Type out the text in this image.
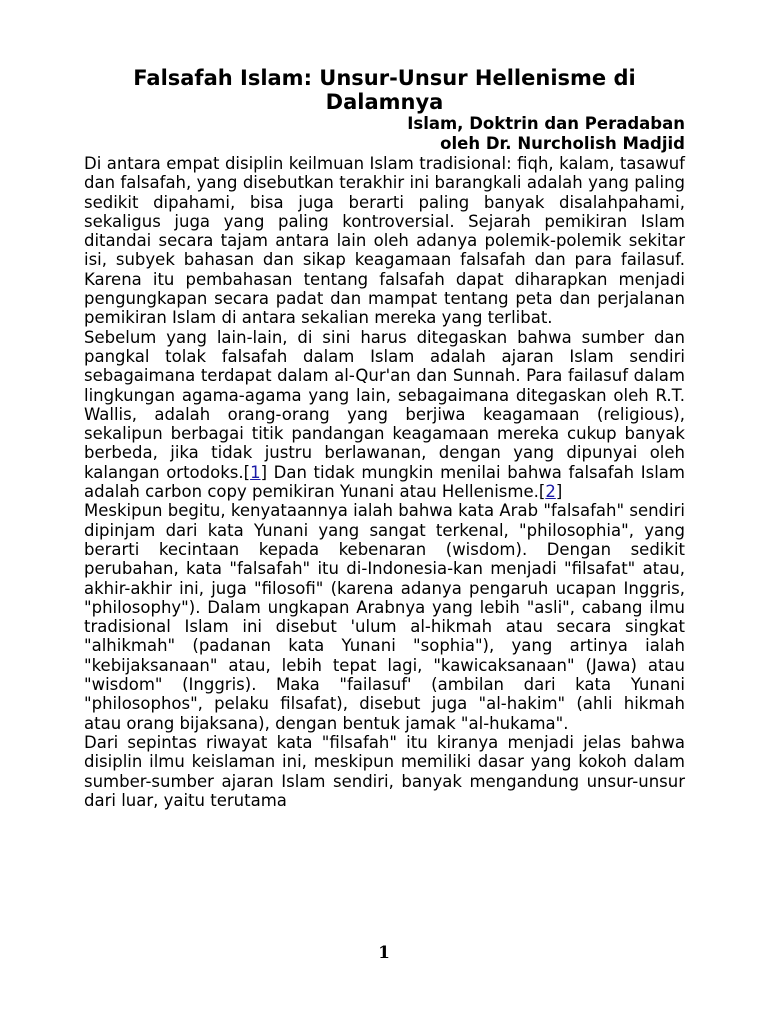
Falsafah Islam: Unsur-Unsur Hellenisme di Dalamnya

Islam, Doktrin dan Peradaban

oleh Dr. Nurcholish Madjid

Di antara empat disiplin keilmuan Islam tradisional: fiqh, kalam, tasawuf dan falsafah, yang disebutkan terakhir ini barangkali adalah yang paling sedikit dipahami, bisa juga berarti paling banyak disalahpahami, sekaligus juga yang paling kontroversial. Sejarah pemikiran Islam ditandai secara tajam antara lain oleh adanya polemik-polemik sekitar isi, subyek bahasan dan sikap keagamaan falsafah dan para failasuf. Karena itu pembahasan tentang falsafah dapat diharapkan menjadi pengungkapan secara padat dan mampat tentang peta dan perjalanan pemikiran Islam di antara sekalian mereka yang terlibat.

Sebelum yang lain-lain, di sini harus ditegaskan bahwa sumber dan pangkal tolak falsafah dalam Islam adalah ajaran Islam sendiri sebagaimana terdapat dalam al-Qur'an dan Sunnah. Para failasuf dalam lingkungan agama-agama yang lain, sebagaimana ditegaskan oleh R.T. Wallis, adalah orang-orang yang berjiwa keagamaan (religious), sekalipun berbagai titik pandangan keagamaan mereka cukup banyak berbeda, jika tidak justru berlawanan, dengan yang dipunyai oleh kalangan ortodoks.[1] Dan tidak mungkin menilai bahwa falsafah Islam adalah carbon copy pemikiran Yunani atau Hellenisme.[2]

Meskipun begitu, kenyataannya ialah bahwa kata Arab "falsafah" sendiri dipinjam dari kata Yunani yang sangat terkenal, "philosophia", yang berarti kecintaan kepada kebenaran (wisdom). Dengan sedikit perubahan, kata "falsafah" itu di-Indonesia-kan menjadi "filsafat" atau, akhir-akhir ini, juga "filosofi" (karena adanya pengaruh ucapan Inggris, "philosophy"). Dalam ungkapan Arabnya yang lebih "asli", cabang ilmu tradisional Islam ini disebut 'ulum al-hikmah atau secara singkat "alhikmah" (padanan kata Yunani "sophia"), yang artinya ialah "kebijaksanaan" atau, lebih tepat lagi, "kawicaksanaan" (Jawa) atau "wisdom" (Inggris). Maka "failasuf' (ambilan dari kata Yunani "philosophos", pelaku filsafat), disebut juga "al-hakim" (ahli hikmah atau orang bijaksana), dengan bentuk jamak "al-hukama".

Dari sepintas riwayat kata "filsafah" itu kiranya menjadi jelas bahwa disiplin ilmu keislaman ini, meskipun memiliki dasar yang kokoh dalam sumber-sumber ajaran Islam sendiri, banyak mengandung unsur-unsur dari luar, yaitu terutama

1
